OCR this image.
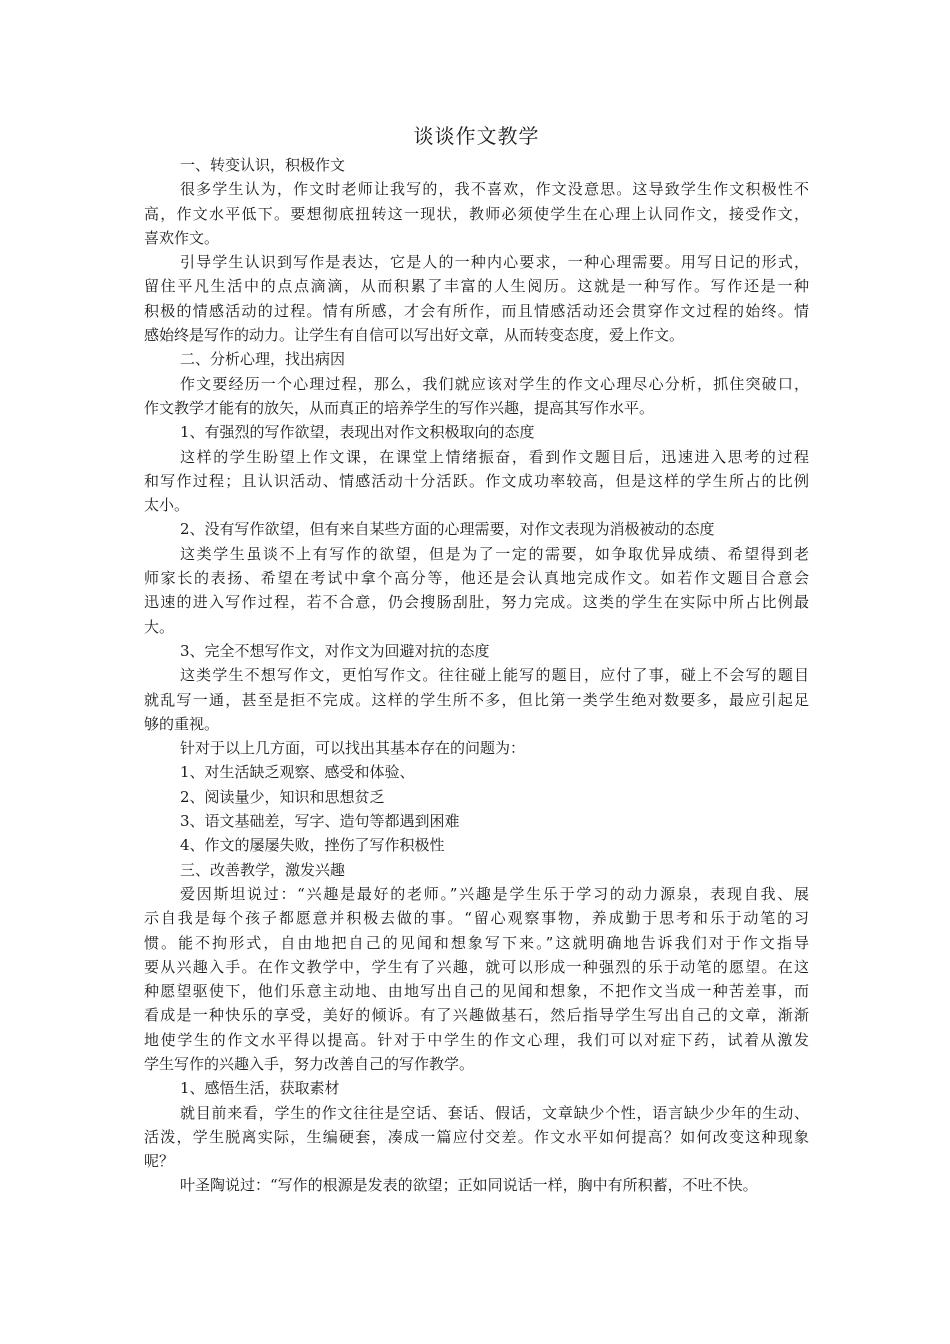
谈谈作文教学
一、转变认识，积极作文
很多学生认为，作文时老师让我写的，我不喜欢，作文没意思。这导致学生作文积极性不
高，作文水平低下。要想彻底扭转这一现状，教师必须使学生在心理上认同作文，接受作文，
喜欢作文。
引导学生认识到写作是表达，它是人的一种内心要求，一种心理需要。用写日记的形式，
留住平凡生活中的点点滴滴，从而积累了丰富的人生阅历。这就是一种写作。写作还是一种
积极的情感活动的过程。情有所感，才会有所作，而且情感活动还会贯穿作文过程的始终。情
感始终是写作的动力。让学生有自信可以写出好文章，从而转变态度，爱上作文。
二、分析心理，找出病因
作文要经历一个心理过程，那么，我们就应该对学生的作文心理尽心分析，抓住突破口，
作文教学才能有的放矢，从而真正的培养学生的写作兴趣，提高其写作水平。
1、有强烈的写作欲望，表现出对作文积极取向的态度
这样的学生盼望上作文课，在课堂上情绪振奋，看到作文题目后，迅速进入思考的过程
和写作过程；且认识活动、情感活动十分活跃。作文成功率较高，但是这样的学生所占的比例
太小。
2、没有写作欲望，但有来自某些方面的心理需要，对作文表现为消极被动的态度
这类学生虽谈不上有写作的欲望，但是为了一定的需要，如争取优异成绩、希望得到老
师家长的表扬、希望在考试中拿个高分等，他还是会认真地完成作文。如若作文题目合意会
迅速的进入写作过程，若不合意，仍会搜肠刮肚，努力完成。这类的学生在实际中所占比例最
大。
3、完全不想写作文，对作文为回避对抗的态度
这类学生不想写作文，更怕写作文。往往碰上能写的题目，应付了事，碰上不会写的题目
就乱写一通，甚至是拒不完成。这样的学生所不多，但比第一类学生绝对数要多，最应引起足
够的重视。
针对于以上几方面，可以找出其基本存在的问题为：
1、对生活缺乏观察、感受和体验、
2、阅读量少，知识和思想贫乏
3、语文基础差，写字、造句等都遇到困难
4、作文的屡屡失败，挫伤了写作积极性
三、改善教学，激发兴趣
爱因斯坦说过：“兴趣是最好的老师。”兴趣是学生乐于学习的动力源泉，表现自我、展
示自我是每个孩子都愿意并积极去做的事。“留心观察事物，养成勤于思考和乐于动笔的习
惯。能不拘形式，自由地把自己的见闻和想象写下来。”这就明确地告诉我们对于作文指导
要从兴趣入手。在作文教学中，学生有了兴趣，就可以形成一种强烈的乐于动笔的愿望。在这
种愿望驱使下，他们乐意主动地、由地写出自己的见闻和想象，不把作文当成一种苦差事，而
看成是一种快乐的享受，美好的倾诉。有了兴趣做基石，然后指导学生写出自己的文章，渐渐
地使学生的作文水平得以提高。针对于中学生的作文心理，我们可以对症下药，试着从激发
学生写作的兴趣入手，努力改善自己的写作教学。
1、感悟生活，获取素材
就目前来看，学生的作文往往是空话、套话、假话，文章缺少个性，语言缺少少年的生动、
活泼，学生脱离实际，生编硬套，凑成一篇应付交差。作文水平如何提高？如何改变这种现象
呢？
叶圣陶说过：“写作的根源是发表的欲望；正如同说话一样，胸中有所积蓄，不吐不快。
